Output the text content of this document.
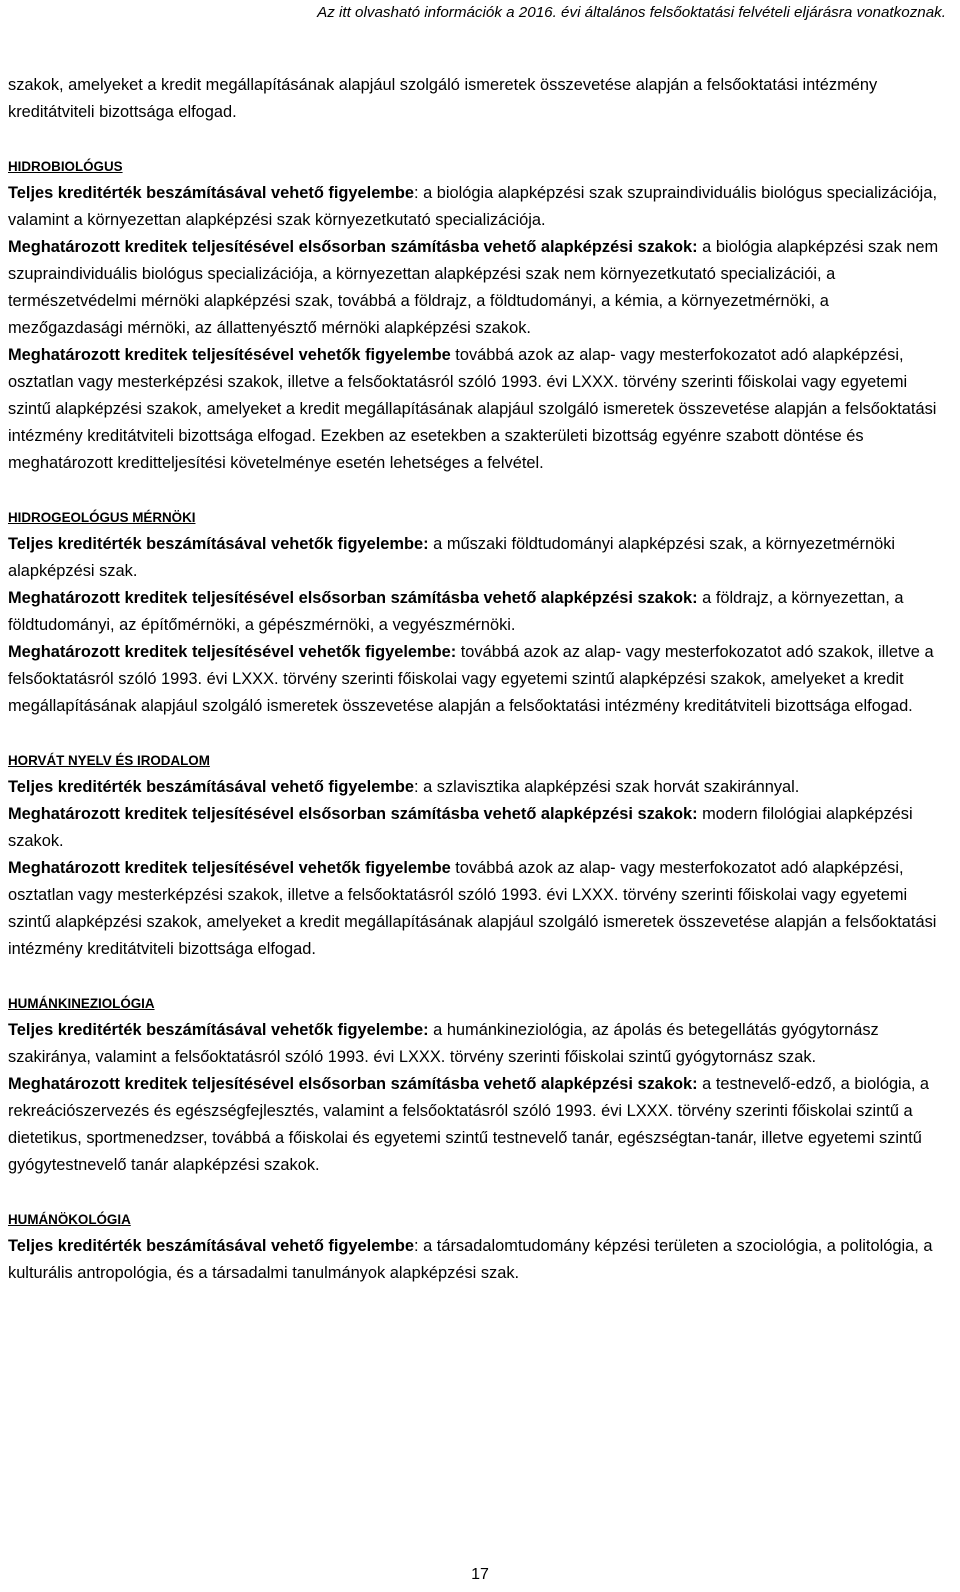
Az itt olvasható információk a 2016. évi általános felsőoktatási felvételi eljárásra vonatkoznak.

szakok, amelyeket a kredit megállapításának alapjául szolgáló ismeretek összevetése alapján a felsőoktatási intézmény kreditátviteli bizottsága elfogad.

HIDROBIOLÓGUS

Teljes kreditérték beszámításával vehető figyelembe: a biológia alapképzési szak szupraindividuális biológus specializációja, valamint a környezettan alapképzési szak környezetkutató specializációja.

Meghatározott kreditek teljesítésével elsősorban számításba vehető alapképzési szakok: a biológia alapképzési szak nem szupraindividuális biológus specializációja, a környezettan alapképzési szak nem környezetkutató specializációi, a természetvédelmi mérnöki alapképzési szak, továbbá a földrajz, a földtudományi, a kémia, a környezetmérnöki, a mezőgazdasági mérnöki, az állattenyésztő mérnöki alapképzési szakok.

Meghatározott kreditek teljesítésével vehetők figyelembe továbbá azok az alap- vagy mesterfokozatot adó alapképzési, osztatlan vagy mesterképzési szakok, illetve a felsőoktatásról szóló 1993. évi LXXX. törvény szerinti főiskolai vagy egyetemi szintű alapképzési szakok, amelyeket a kredit megállapításának alapjául szolgáló ismeretek összevetése alapján a felsőoktatási intézmény kreditátviteli bizottsága elfogad. Ezekben az esetekben a szakterületi bizottság egyénre szabott döntése és meghatározott kreditteljesítési követelménye esetén lehetséges a felvétel.

HIDROGEOLÓGUS MÉRNÖKI

Teljes kreditérték beszámításával vehetők figyelembe: a műszaki földtudományi alapképzési szak, a környezetmérnöki alapképzési szak.

Meghatározott kreditek teljesítésével elsősorban számításba vehető alapképzési szakok: a földrajz, a környezettan, a földtudományi, az építőmérnöki, a gépészmérnöki, a vegyészmérnöki.

Meghatározott kreditek teljesítésével vehetők figyelembe: továbbá azok az alap- vagy mesterfokozatot adó szakok, illetve a felsőoktatásról szóló 1993. évi LXXX. törvény szerinti főiskolai vagy egyetemi szintű alapképzési szakok, amelyeket a kredit megállapításának alapjául szolgáló ismeretek összevetése alapján a felsőoktatási intézmény kreditátviteli bizottsága elfogad.

HORVÁT NYELV ÉS IRODALOM

Teljes kreditérték beszámításával vehető figyelembe: a szlavisztika alapképzési szak horvát szakiránnyal.

Meghatározott kreditek teljesítésével elsősorban számításba vehető alapképzési szakok: modern filológiai alapképzési szakok.

Meghatározott kreditek teljesítésével vehetők figyelembe továbbá azok az alap- vagy mesterfokozatot adó alapképzési, osztatlan vagy mesterképzési szakok, illetve a felsőoktatásról szóló 1993. évi LXXX. törvény szerinti főiskolai vagy egyetemi szintű alapképzési szakok, amelyeket a kredit megállapításának alapjául szolgáló ismeretek összevetése alapján a felsőoktatási intézmény kreditátviteli bizottsága elfogad.

HUMÁNKINEZIOLÓGIA

Teljes kreditérték beszámításával vehetők figyelembe: a humánkineziológia, az ápolás és betegellátás gyógytornász szakiránya, valamint a felsőoktatásról szóló 1993. évi LXXX. törvény szerinti főiskolai szintű gyógytornász szak.

Meghatározott kreditek teljesítésével elsősorban számításba vehető alapképzési szakok: a testnevelő-edző, a biológia, a rekreációszervezés és egészségfejlesztés, valamint a felsőoktatásról szóló 1993. évi LXXX. törvény szerinti főiskolai szintű a dietetikus, sportmenedzser, továbbá a főiskolai és egyetemi szintű testnevelő tanár, egészségtan-tanár, illetve egyetemi szintű gyógytestnevelő tanár alapképzési szakok.

HUMÁNÖKOLÓGIA

Teljes kreditérték beszámításával vehető figyelembe: a társadalomtudomány képzési területen a szociológia, a politológia, a kulturális antropológia, és a társadalmi tanulmányok alapképzési szak.

17
